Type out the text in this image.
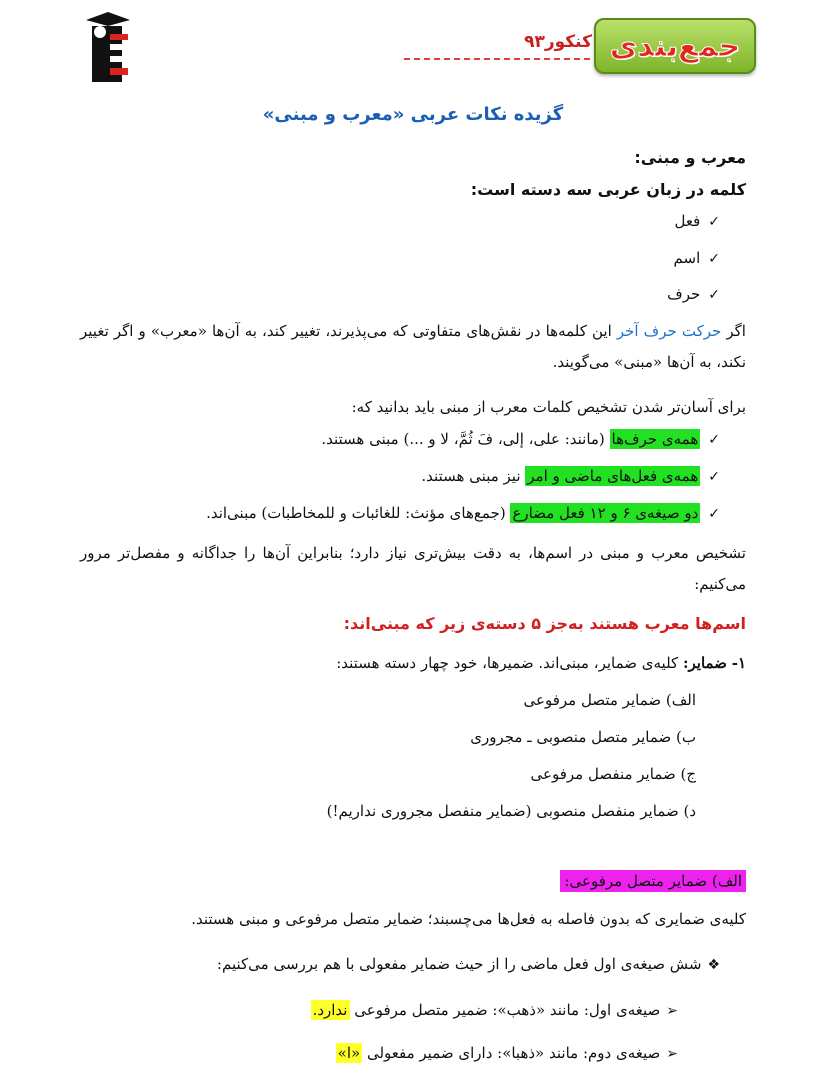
جمع‌بندی
کنکور۹۳
گزیده نکات عربی «معرب و مبنی»
معرب و مبنی:
کلمه در زبان عربی سه دسته است:
✓فعل
✓اسم
✓حرف
اگر حرکت حرف آخر این کلمه‌ها در نقش‌های متفاوتی که می‌پذیرند، تغییر کند، به آن‌ها «معرب» و اگر تغییر نکند، به آن‌ها «مبنی» می‌گویند.
برای آسان‌تر شدن تشخیص کلمات معرب از مبنی باید بدانید که:
✓همه‌ی حرف‌ها (مانند: علی، إلی، فَ ثُمَّ، لا و ...) مبنی هستند.
✓همه‌ی فعل‌های ماضی و امر نیز مبنی هستند.
✓دو صیغه‌ی ۶ و ۱۲ فعل مضارع (جمع‌های مؤنث: للغائبات و للمخاطبات) مبنی‌اند.
تشخیص معرب و مبنی در اسم‌ها، به دقت بیش‌تری نیاز دارد؛ بنابراین آن‌ها را جداگانه و مفصل‌تر مرور می‌کنیم:
اسم‌ها معرب هستند به‌جز ۵ دسته‌ی زیر که مبنی‌اند:
۱- ضمایر: کلیه‌ی ضمایر، مبنی‌اند. ضمیرها، خود چهار دسته هستند:
الف) ضمایر متصل مرفوعی
ب) ضمایر متصل منصوبی ـ مجروری
ج) ضمایر منفصل مرفوعی
د) ضمایر منفصل منصوبی (ضمایر منفصل مجروری نداریم!)
الف) ضمایر متصل مرفوعی:
کلیه‌ی ضمایری که بدون فاصله به فعل‌ها می‌چسبند؛ ضمایر متصل مرفوعی و مبنی هستند.
❖شش صیغه‌ی اول فعل ماضی را از حیث ضمایر مفعولی با هم بررسی می‌کنیم:
➢صیغه‌ی اول: مانند «ذهب»: ضمیر متصل مرفوعی ندارد.
➢صیغه‌ی دوم: مانند «ذهبا»: دارای ضمیر مفعولی «ا»
